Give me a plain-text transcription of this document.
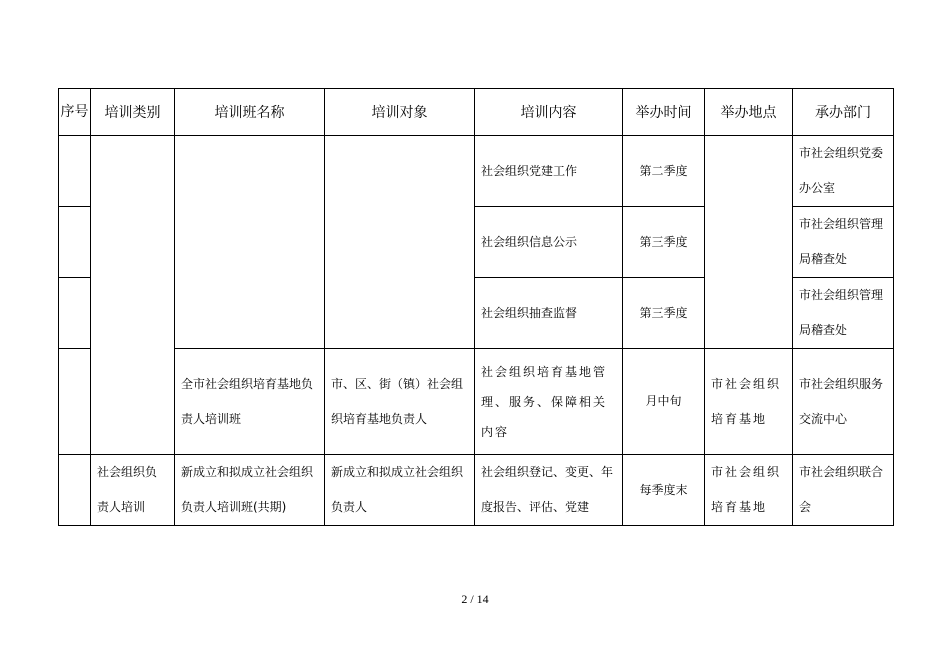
序号	培训类别	培训班名称	培训对象	培训内容	举办时间	举办地点	承办部门

				社会组织党建工作	第二季度		市社会组织党委办公室

				社会组织信息公示	第三季度		市社会组织管理局稽查处

				社会组织抽查监督	第三季度		市社会组织管理局稽查处

		全市社会组织培育基地负责人培训班	市、区、街（镇）社会组织培育基地负责人	社会组织培育基地管理、服务、保障相关内容	月中旬	市社会组织培育基地	市社会组织服务交流中心

	社会组织负责人培训	新成立和拟成立社会组织负责人培训班(共期)	新成立和拟成立社会组织负责人	社会组织登记、变更、年度报告、评估、党建	每季度末	市社会组织培育基地	市社会组织联合会
2 / 14
